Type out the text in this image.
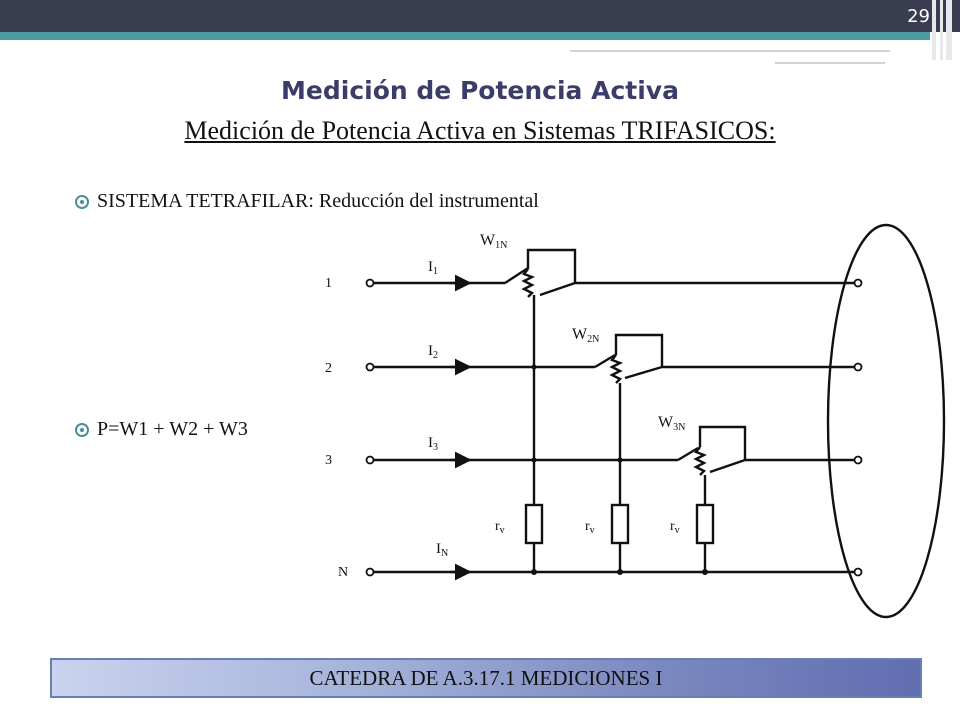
29
Medición de Potencia Activa
Medición de Potencia Activa en Sistemas TRIFASICOS:
SISTEMA TETRAFILAR: Reducción del instrumental
P=W1 + W2 + W3
1
2
3
N
$I_1$
$I_2$
$I_3$
$I_N$
W1N
W2N
W3N
$r_v$	$r_v$	$r_v$
CATEDRA DE A.3.17.1 MEDICIONES I
